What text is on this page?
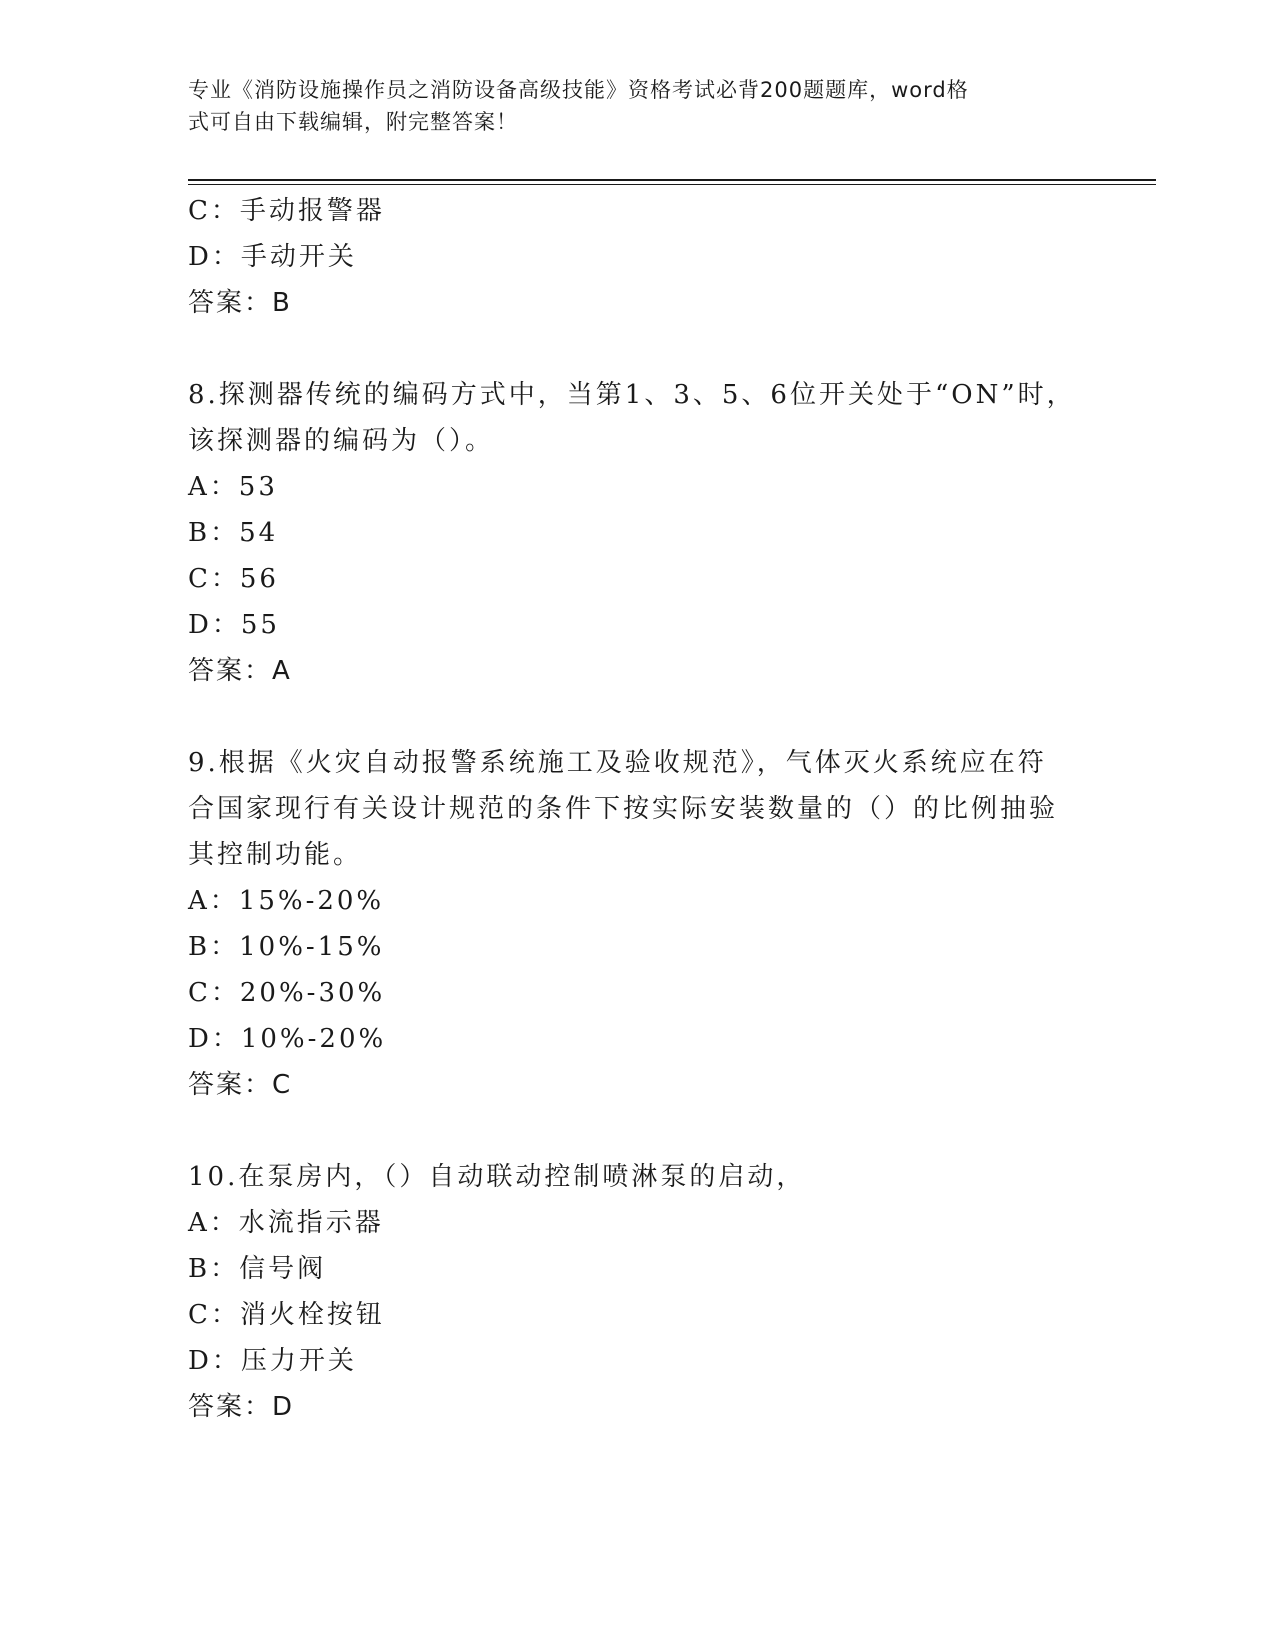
专业《消防设施操作员之消防设备高级技能》资格考试必背200题题库，word格
式可自由下载编辑，附完整答案！
C：手动报警器
D：手动开关
答案：B
8.探测器传统的编码方式中，当第1、3、5、6位开关处于“ON”时，
该探测器的编码为（）。
A：53
B：54
C：56
D：55
答案：A
9.根据《火灾自动报警系统施工及验收规范》，气体灭火系统应在符
合国家现行有关设计规范的条件下按实际安装数量的（）的比例抽验
其控制功能。
A：15%-20%
B：10%-15%
C：20%-30%
D：10%-20%
答案：C
10.在泵房内，（）自动联动控制喷淋泵的启动，
A：水流指示器
B：信号阀
C：消火栓按钮
D：压力开关
答案：D
